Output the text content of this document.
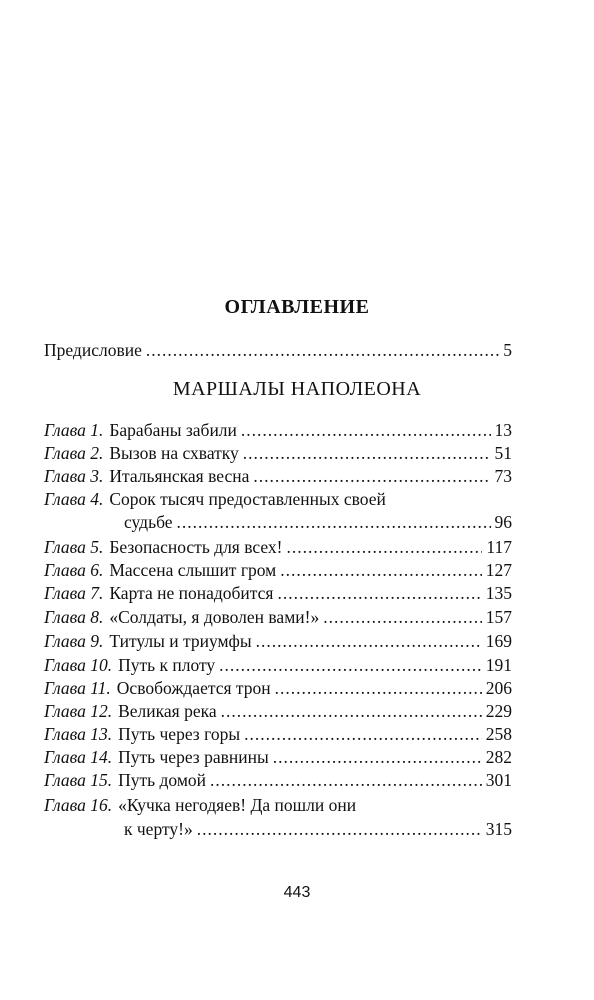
ОГЛАВЛЕНИЕ
Предисловие .....	5
МАРШАЛЫ НАПОЛЕОНА
Глава 1. Барабаны забили .....	13
Глава 2. Вызов на схватку .....	51
Глава 3. Итальянская весна .....	73
Глава 4. Сорок тысяч предоставленных своей
судьбе .....	96
Глава 5. Безопасность для всех! .....	117
Глава 6. Массена слышит гром .....	127
Глава 7. Карта не понадобится .....	135
Глава 8. «Солдаты, я доволен вами!» .....	157
Глава 9. Титулы и триумфы .....	169
Глава 10. Путь к плоту .....	191
Глава 11. Освобождается трон .....	206
Глава 12. Великая река .....	229
Глава 13. Путь через горы .....	258
Глава 14. Путь через равнины .....	282
Глава 15. Путь домой .....	301
Глава 16. «Кучка негодяев! Да пошли они
к черту!» .....	315
443
